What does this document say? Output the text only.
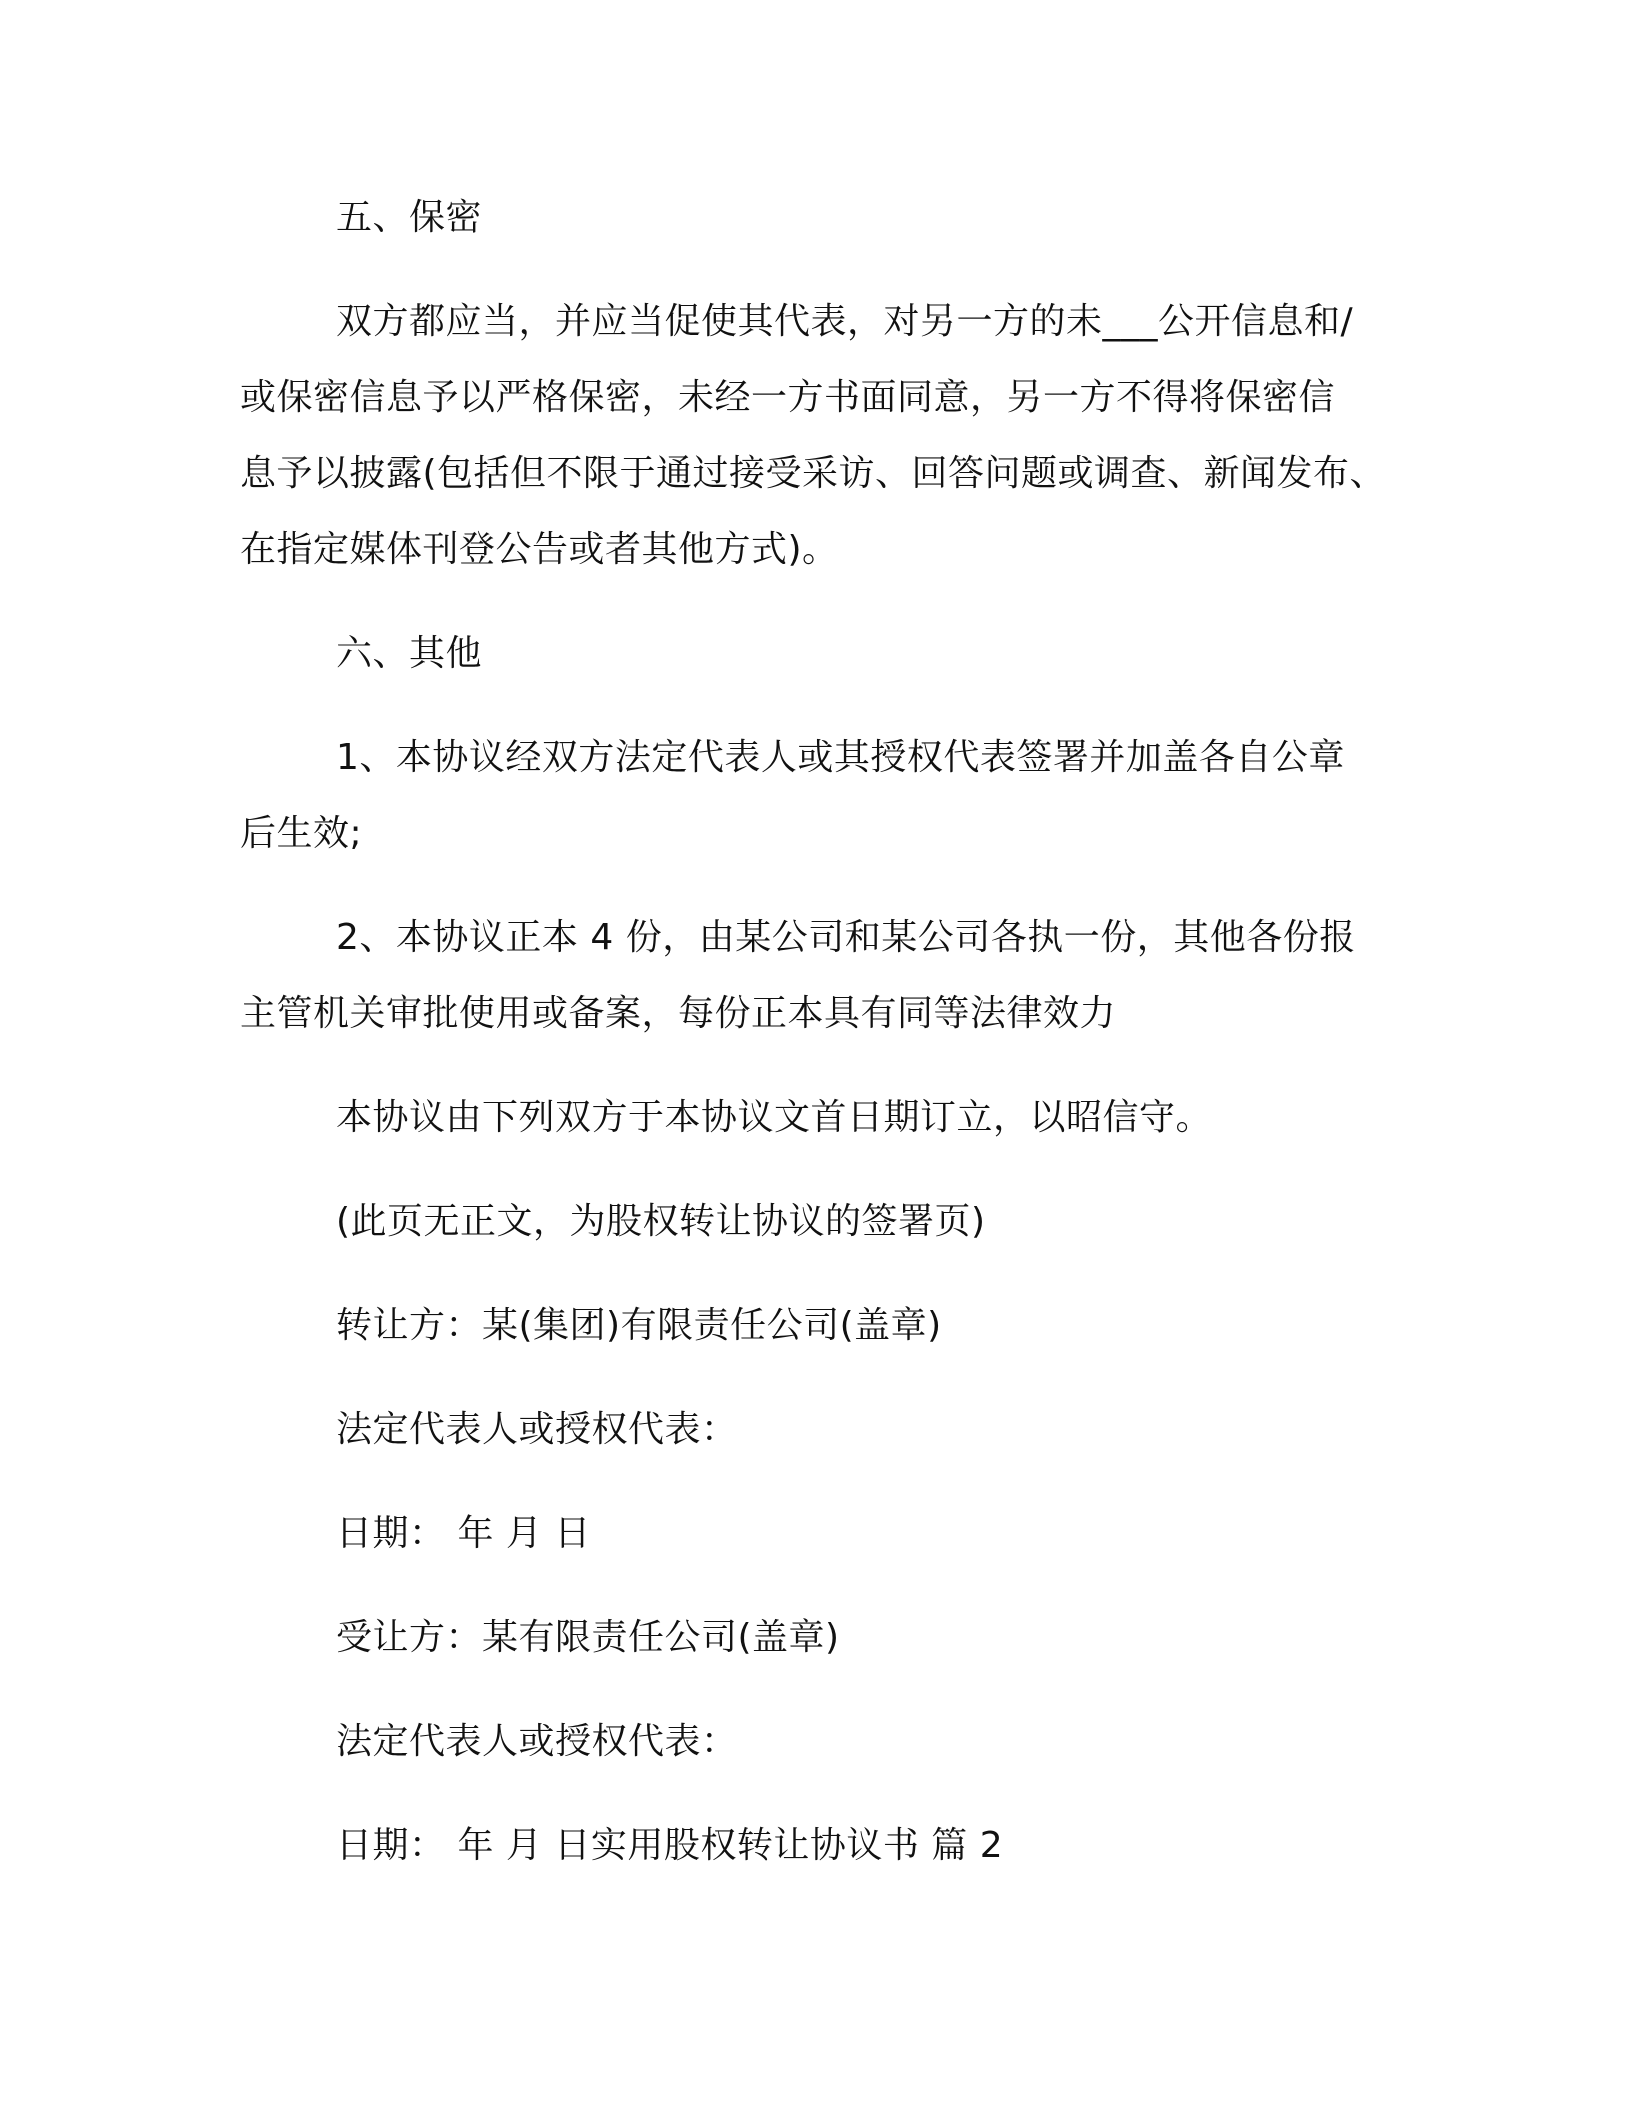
五、保密
双方都应当，并应当促使其代表，对另一方的未___公开信息和/
或保密信息予以严格保密，未经一方书面同意，另一方不得将保密信
息予以披露(包括但不限于通过接受采访、回答问题或调查、新闻发布、
在指定媒体刊登公告或者其他方式)。
六、其他
1、本协议经双方法定代表人或其授权代表签署并加盖各自公章
后生效;
2、本协议正本 4 份，由某公司和某公司各执一份，其他各份报
主管机关审批使用或备案，每份正本具有同等法律效力
本协议由下列双方于本协议文首日期订立，以昭信守。
(此页无正文，为股权转让协议的签署页)
转让方：某(集团)有限责任公司(盖章)
法定代表人或授权代表：
日期： 年 月 日
受让方：某有限责任公司(盖章)
法定代表人或授权代表：
日期： 年 月 日实用股权转让协议书 篇 2
